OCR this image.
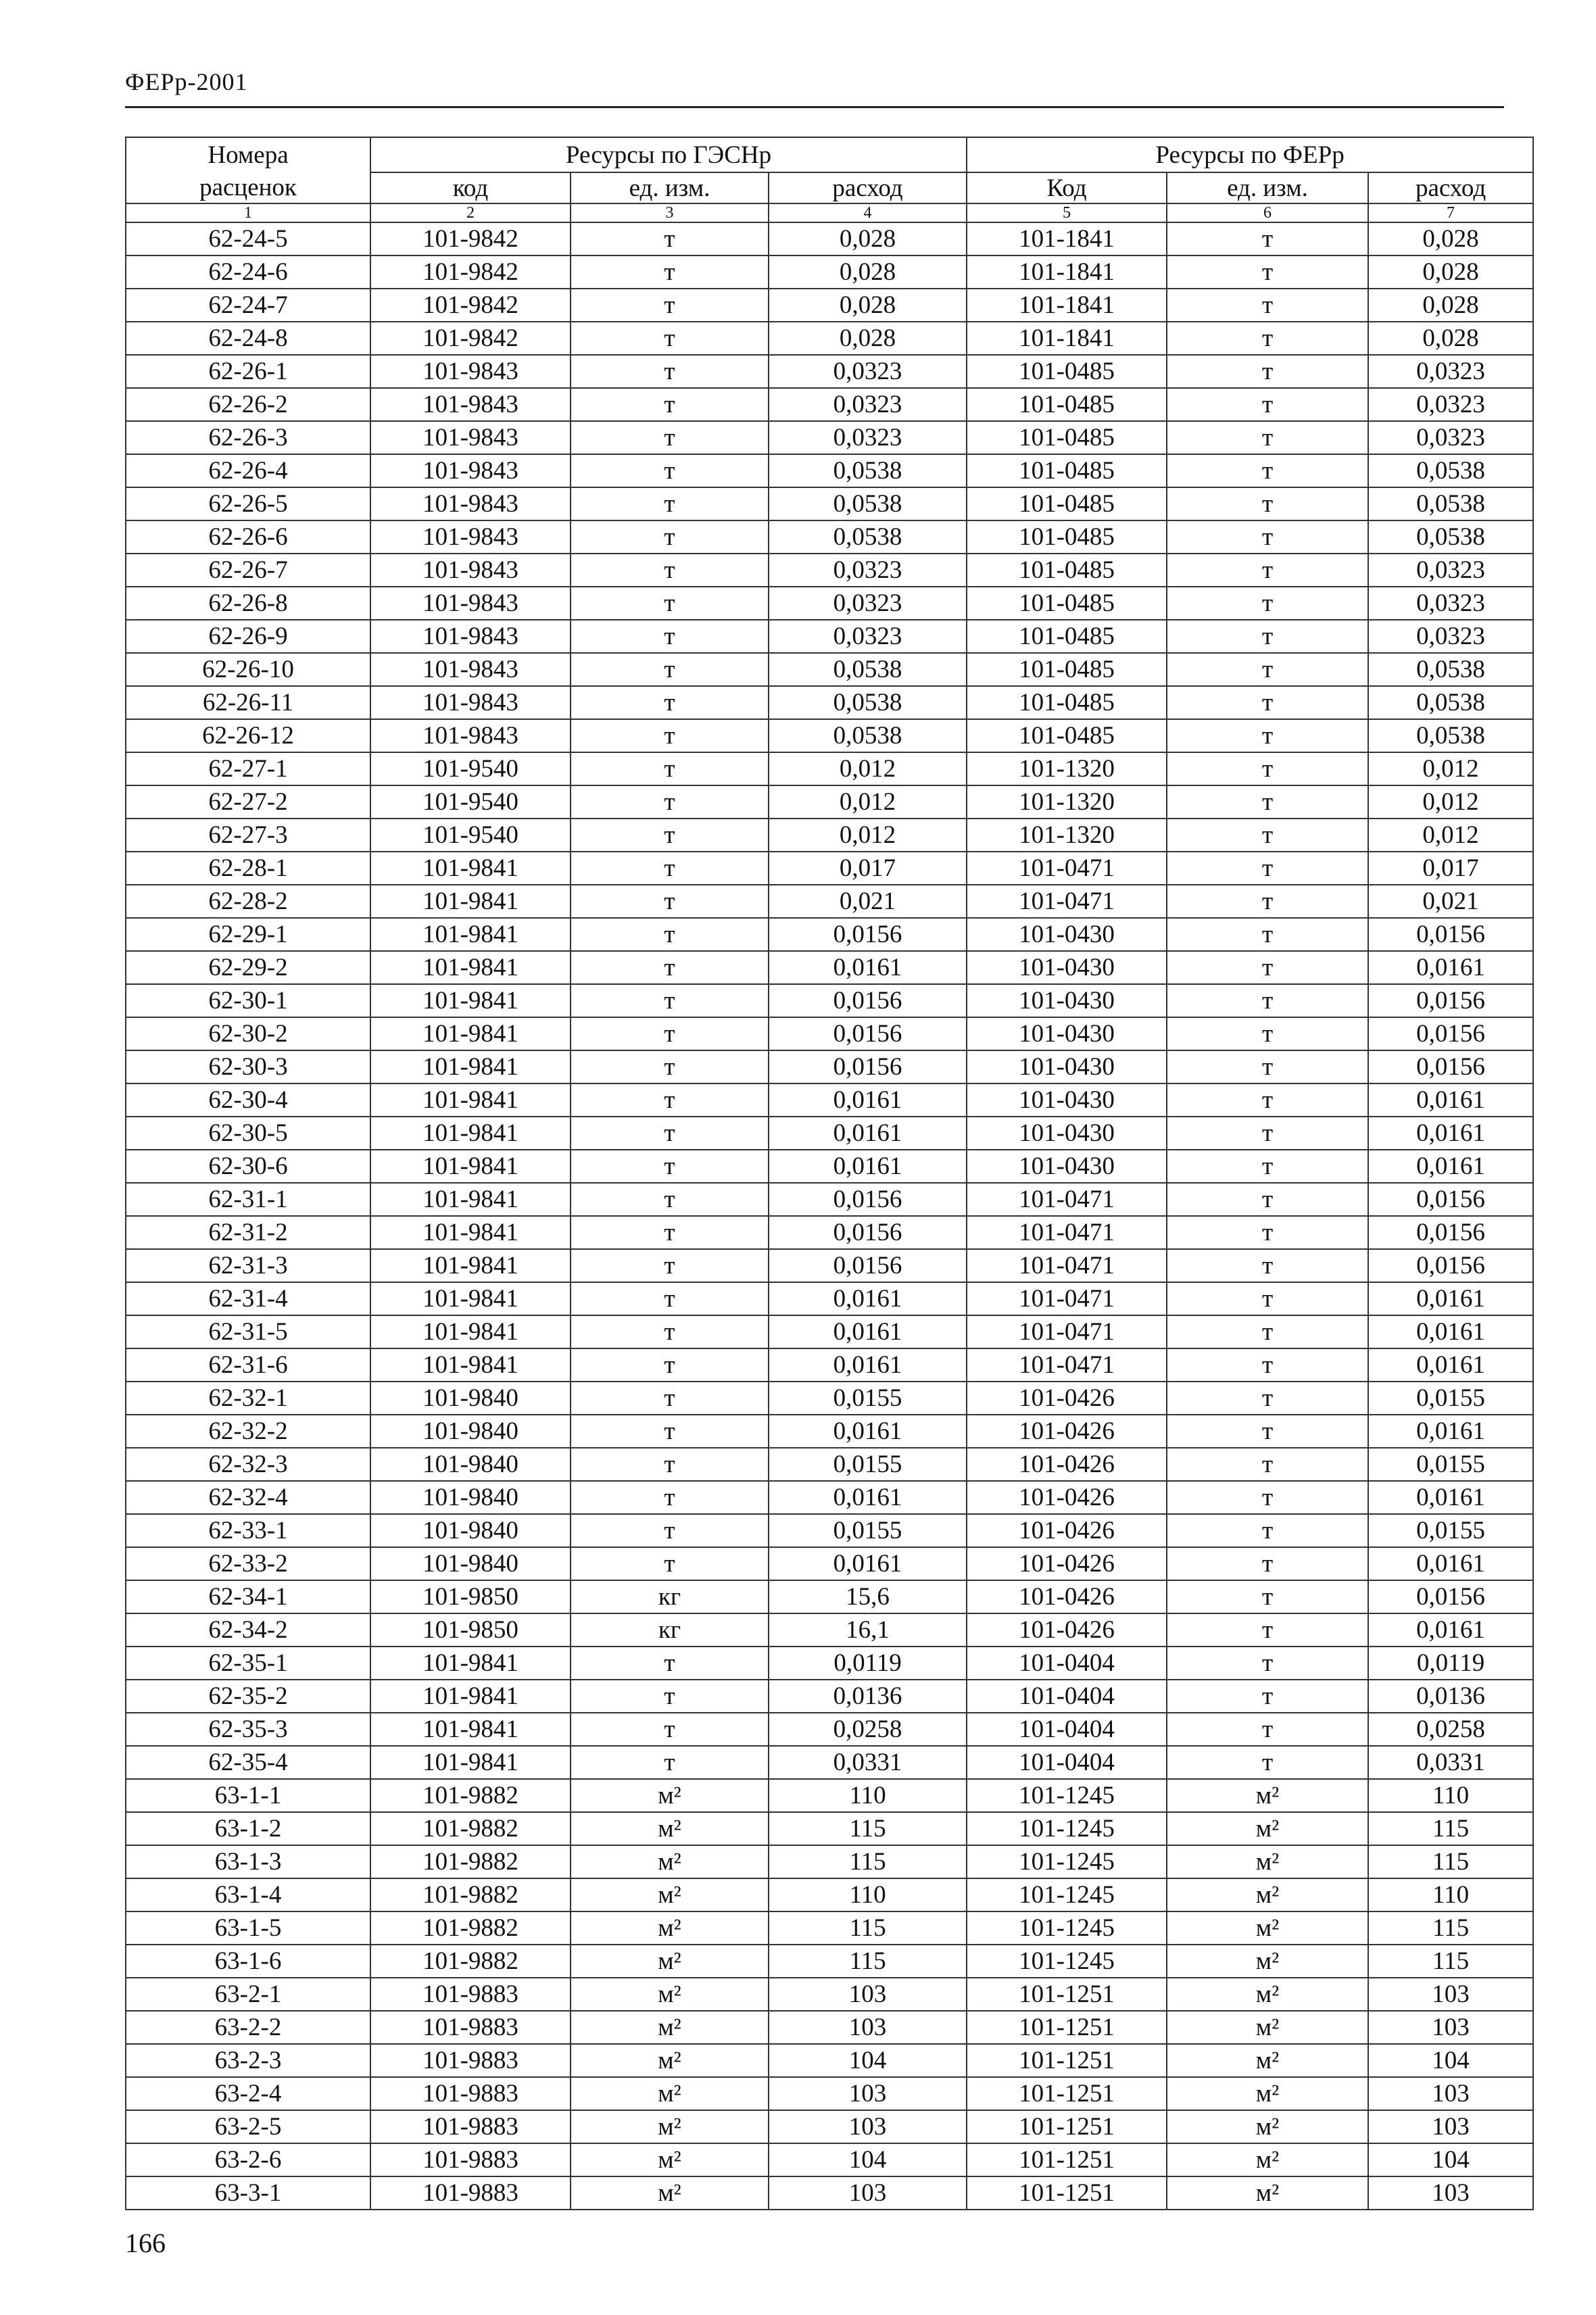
ФЕРр-2001
Номера	Ресурсы по ГЭСНр			Ресурсы по ФЕРр		
расценок	код	ед. изм.	расход	Код	ед. изм.	расход
1	2	3	4	5	6	7
62-24-5	101-9842	т	0,028	101-1841	т	0,028
62-24-6	101-9842	т	0,028	101-1841	т	0,028
62-24-7	101-9842	т	0,028	101-1841	т	0,028
62-24-8	101-9842	т	0,028	101-1841	т	0,028
62-26-1	101-9843	т	0,0323	101-0485	т	0,0323
62-26-2	101-9843	т	0,0323	101-0485	т	0,0323
62-26-3	101-9843	т	0,0323	101-0485	т	0,0323
62-26-4	101-9843	т	0,0538	101-0485	т	0,0538
62-26-5	101-9843	т	0,0538	101-0485	т	0,0538
62-26-6	101-9843	т	0,0538	101-0485	т	0,0538
62-26-7	101-9843	т	0,0323	101-0485	т	0,0323
62-26-8	101-9843	т	0,0323	101-0485	т	0,0323
62-26-9	101-9843	т	0,0323	101-0485	т	0,0323
62-26-10	101-9843	т	0,0538	101-0485	т	0,0538
62-26-11	101-9843	т	0,0538	101-0485	т	0,0538
62-26-12	101-9843	т	0,0538	101-0485	т	0,0538
62-27-1	101-9540	т	0,012	101-1320	т	0,012
62-27-2	101-9540	т	0,012	101-1320	т	0,012
62-27-3	101-9540	т	0,012	101-1320	т	0,012
62-28-1	101-9841	т	0,017	101-0471	т	0,017
62-28-2	101-9841	т	0,021	101-0471	т	0,021
62-29-1	101-9841	т	0,0156	101-0430	т	0,0156
62-29-2	101-9841	т	0,0161	101-0430	т	0,0161
62-30-1	101-9841	т	0,0156	101-0430	т	0,0156
62-30-2	101-9841	т	0,0156	101-0430	т	0,0156
62-30-3	101-9841	т	0,0156	101-0430	т	0,0156
62-30-4	101-9841	т	0,0161	101-0430	т	0,0161
62-30-5	101-9841	т	0,0161	101-0430	т	0,0161
62-30-6	101-9841	т	0,0161	101-0430	т	0,0161
62-31-1	101-9841	т	0,0156	101-0471	т	0,0156
62-31-2	101-9841	т	0,0156	101-0471	т	0,0156
62-31-3	101-9841	т	0,0156	101-0471	т	0,0156
62-31-4	101-9841	т	0,0161	101-0471	т	0,0161
62-31-5	101-9841	т	0,0161	101-0471	т	0,0161
62-31-6	101-9841	т	0,0161	101-0471	т	0,0161
62-32-1	101-9840	т	0,0155	101-0426	т	0,0155
62-32-2	101-9840	т	0,0161	101-0426	т	0,0161
62-32-3	101-9840	т	0,0155	101-0426	т	0,0155
62-32-4	101-9840	т	0,0161	101-0426	т	0,0161
62-33-1	101-9840	т	0,0155	101-0426	т	0,0155
62-33-2	101-9840	т	0,0161	101-0426	т	0,0161
62-34-1	101-9850	кг	15,6	101-0426	т	0,0156
62-34-2	101-9850	кг	16,1	101-0426	т	0,0161
62-35-1	101-9841	т	0,0119	101-0404	т	0,0119
62-35-2	101-9841	т	0,0136	101-0404	т	0,0136
62-35-3	101-9841	т	0,0258	101-0404	т	0,0258
62-35-4	101-9841	т	0,0331	101-0404	т	0,0331
63-1-1	101-9882	м²	110	101-1245	м²	110
63-1-2	101-9882	м²	115	101-1245	м²	115
63-1-3	101-9882	м²	115	101-1245	м²	115
63-1-4	101-9882	м²	110	101-1245	м²	110
63-1-5	101-9882	м²	115	101-1245	м²	115
63-1-6	101-9882	м²	115	101-1245	м²	115
63-2-1	101-9883	м²	103	101-1251	м²	103
63-2-2	101-9883	м²	103	101-1251	м²	103
63-2-3	101-9883	м²	104	101-1251	м²	104
63-2-4	101-9883	м²	103	101-1251	м²	103
63-2-5	101-9883	м²	103	101-1251	м²	103
63-2-6	101-9883	м²	104	101-1251	м²	104
63-3-1	101-9883	м²	103	101-1251	м²	103
166
